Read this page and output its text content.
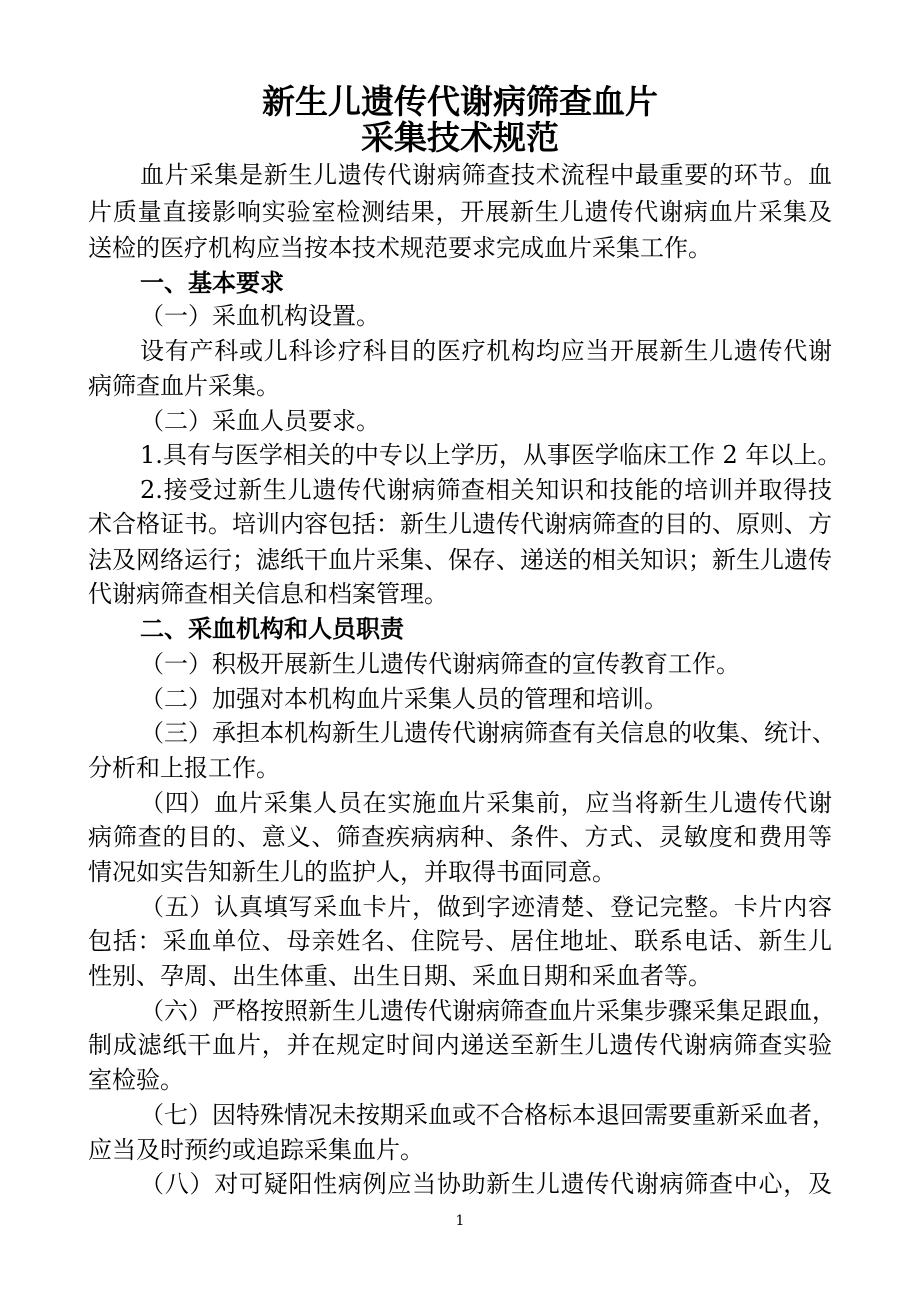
新生儿遗传代谢病筛查血片
采集技术规范
血片采集是新生儿遗传代谢病筛查技术流程中最重要的环节。血
片质量直接影响实验室检测结果，开展新生儿遗传代谢病血片采集及
送检的医疗机构应当按本技术规范要求完成血片采集工作。
一、基本要求
（一）采血机构设置。
设有产科或儿科诊疗科目的医疗机构均应当开展新生儿遗传代谢
病筛查血片采集。
（二）采血人员要求。
1.具有与医学相关的中专以上学历，从事医学临床工作 2 年以上。
2.接受过新生儿遗传代谢病筛查相关知识和技能的培训并取得技
术合格证书。培训内容包括：新生儿遗传代谢病筛查的目的、原则、方
法及网络运行；滤纸干血片采集、保存、递送的相关知识；新生儿遗传
代谢病筛查相关信息和档案管理。
二、采血机构和人员职责
（一）积极开展新生儿遗传代谢病筛查的宣传教育工作。
（二）加强对本机构血片采集人员的管理和培训。
（三）承担本机构新生儿遗传代谢病筛查有关信息的收集、统计、
分析和上报工作。
（四）血片采集人员在实施血片采集前，应当将新生儿遗传代谢
病筛查的目的、意义、筛查疾病病种、条件、方式、灵敏度和费用等
情况如实告知新生儿的监护人，并取得书面同意。
（五）认真填写采血卡片，做到字迹清楚、登记完整。卡片内容
包括：采血单位、母亲姓名、住院号、居住地址、联系电话、新生儿
性别、孕周、出生体重、出生日期、采血日期和采血者等。
（六）严格按照新生儿遗传代谢病筛查血片采集步骤采集足跟血，
制成滤纸干血片，并在规定时间内递送至新生儿遗传代谢病筛查实验
室检验。
（七）因特殊情况未按期采血或不合格标本退回需要重新采血者，
应当及时预约或追踪采集血片。
（八）对可疑阳性病例应当协助新生儿遗传代谢病筛查中心，及
1
